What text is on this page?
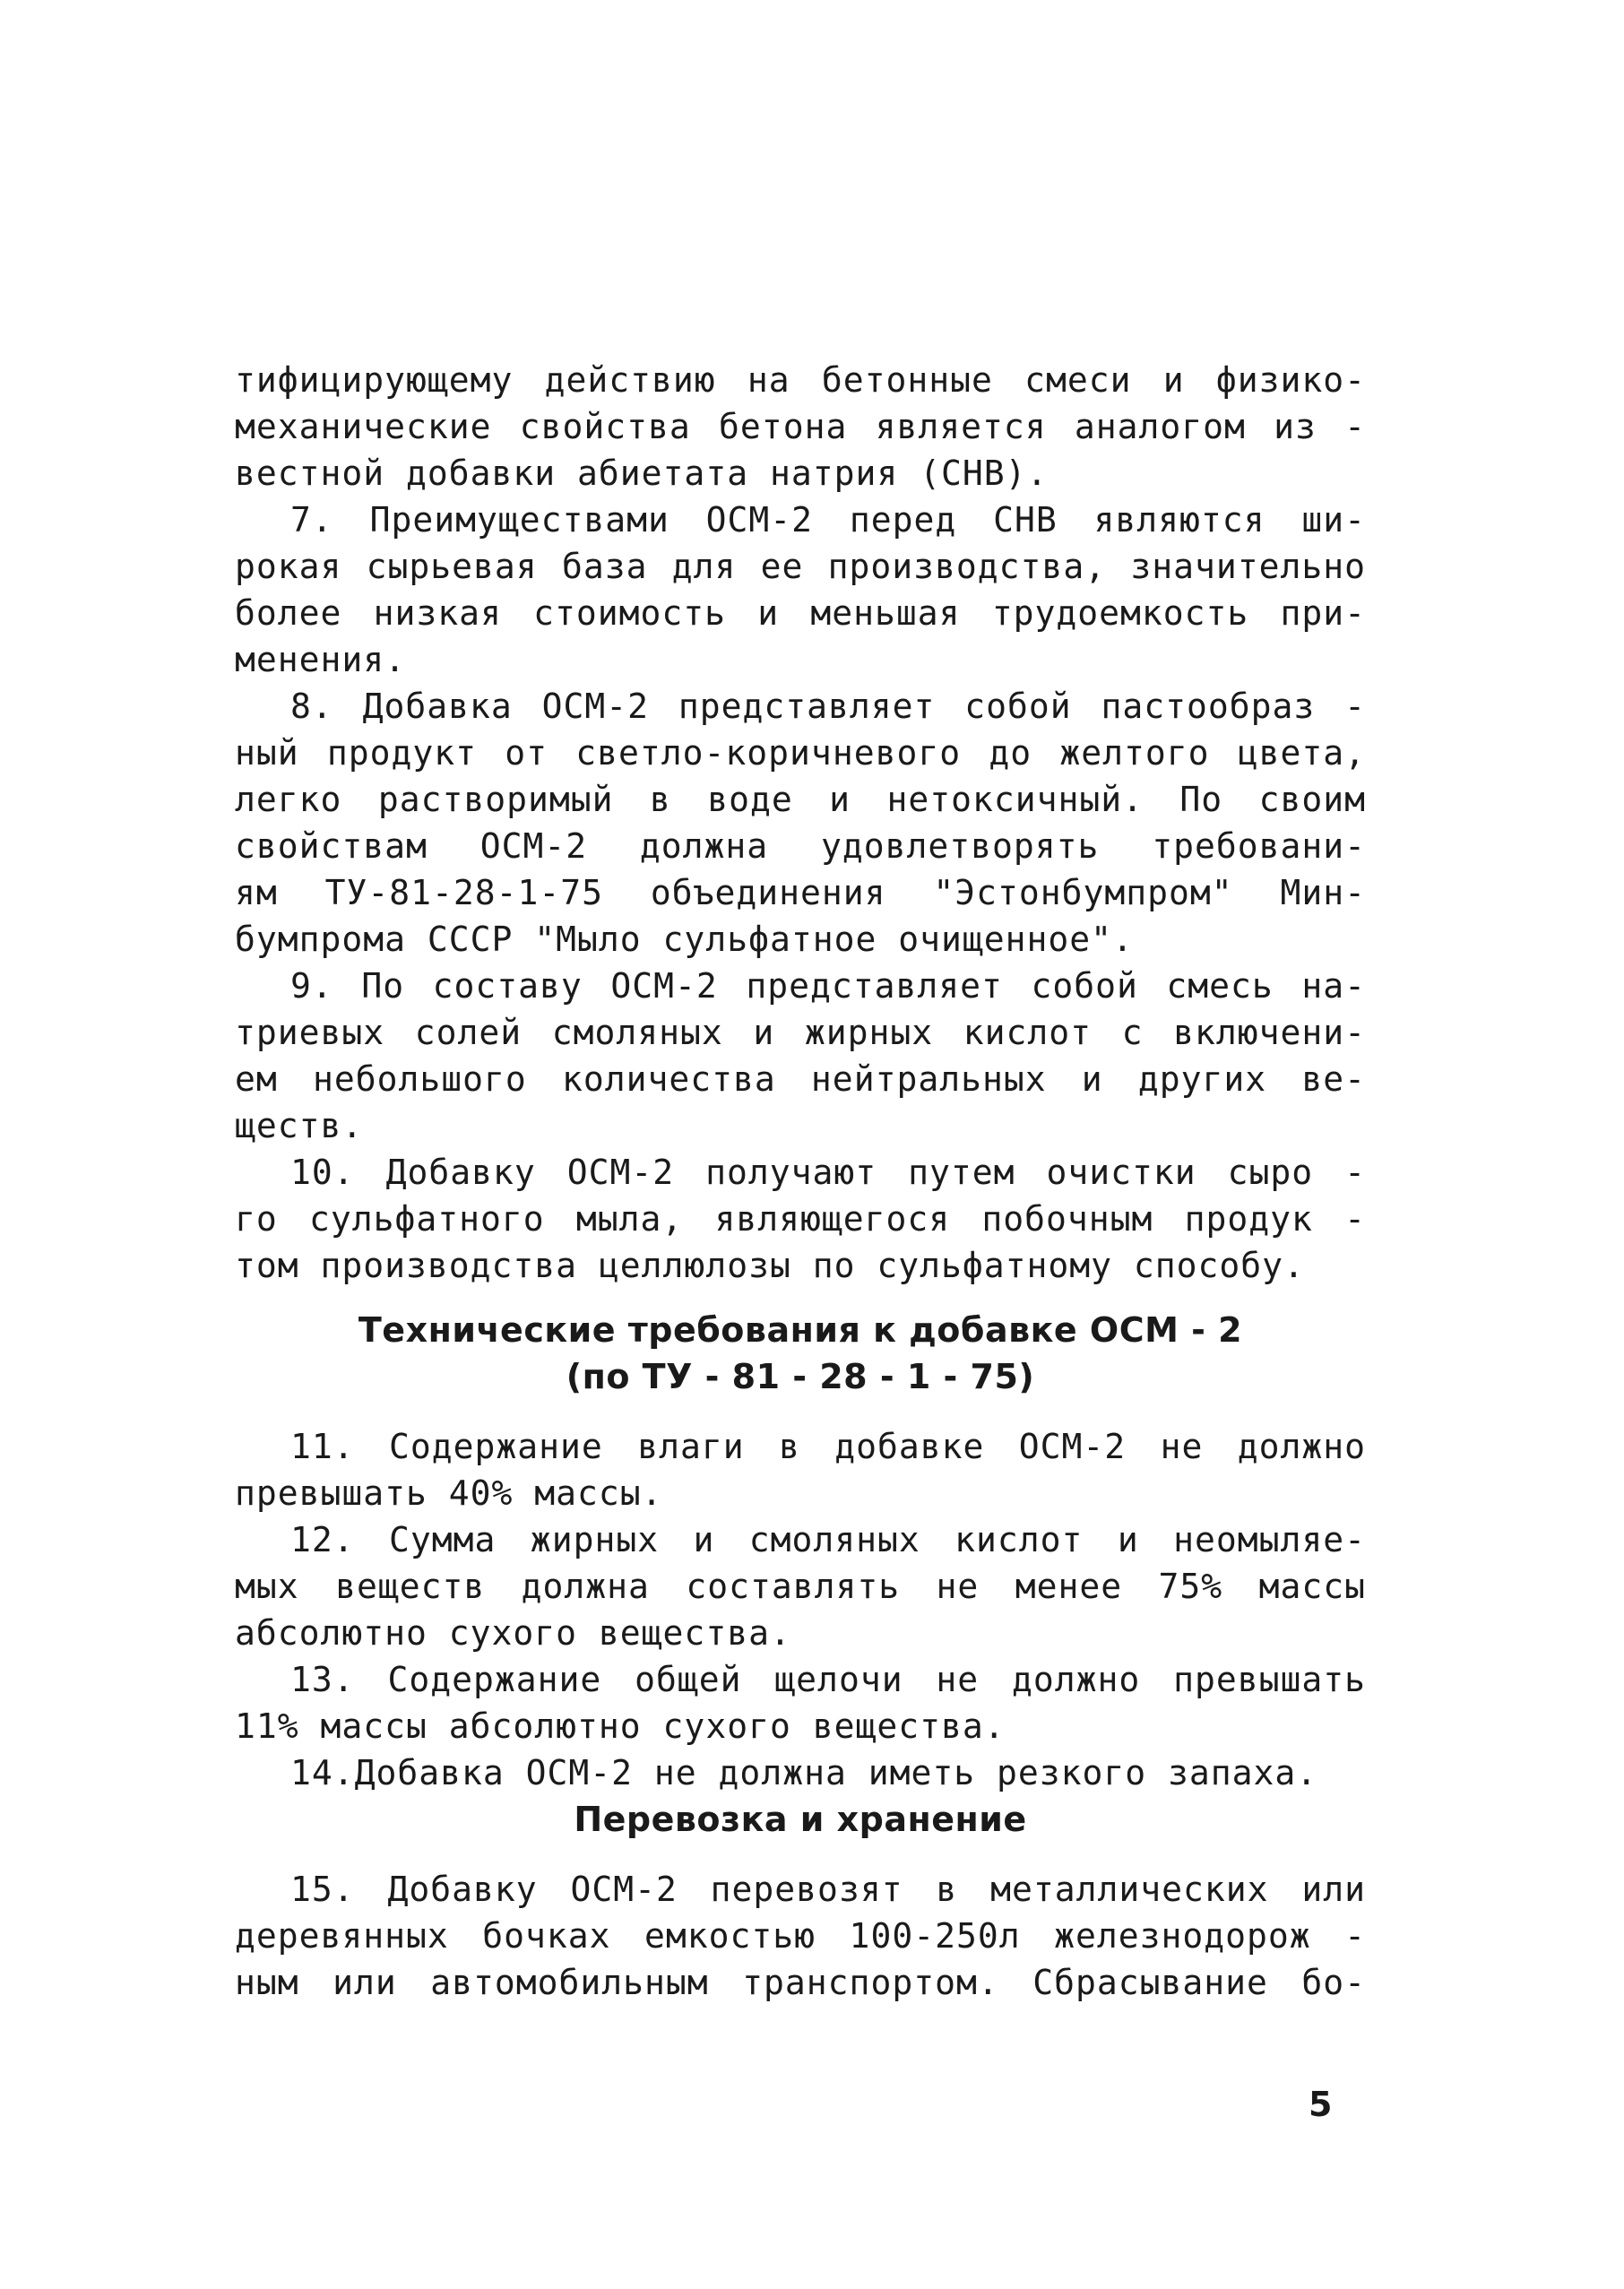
тифицирующему действию на бетонные смеси и физико-
механические свойства бетона является аналогом из -
вестной добавки абиетата натрия (СНВ).
7. Преимуществами ОСМ-2 перед СНВ являются ши-
рокая сырьевая база для ее производства, значительно
более низкая стоимость и меньшая трудоемкость при-
менения.
8. Добавка ОСМ-2 представляет собой пастообраз -
ный продукт от светло-коричневого до желтого цвета,
легко растворимый в воде и нетоксичный. По своим
свойствам ОСМ-2 должна удовлетворять требовани-
ям ТУ-81-28-1-75 объединения "Эстонбумпром" Мин-
бумпрома СССР "Мыло сульфатное очищенное".
9. По составу ОСМ-2 представляет собой смесь на-
триевых солей смоляных и жирных кислот с включени-
ем небольшого количества нейтральных и других ве-
ществ.
10. Добавку ОСМ-2 получают путем очистки сыро -
го сульфатного мыла, являющегося побочным продук -
том производства целлюлозы по сульфатному способу.
Технические требования к добавке ОСМ - 2
(по ТУ - 81 - 28 - 1 - 75)
11. Содержание влаги в добавке ОСМ-2 не должно
превышать 40% массы.
12. Сумма жирных и смоляных кислот и неомыляе-
мых веществ должна составлять не менее 75% массы
абсолютно сухого вещества.
13. Содержание общей щелочи не должно превышать
11% массы абсолютно сухого вещества.
14.Добавка ОСМ-2 не должна иметь резкого запаха.
Перевозка и хранение
15. Добавку ОСМ-2 перевозят в металлических или
деревянных бочках емкостью 100-250л железнодорож -
ным или автомобильным транспортом. Сбрасывание бо-
5
